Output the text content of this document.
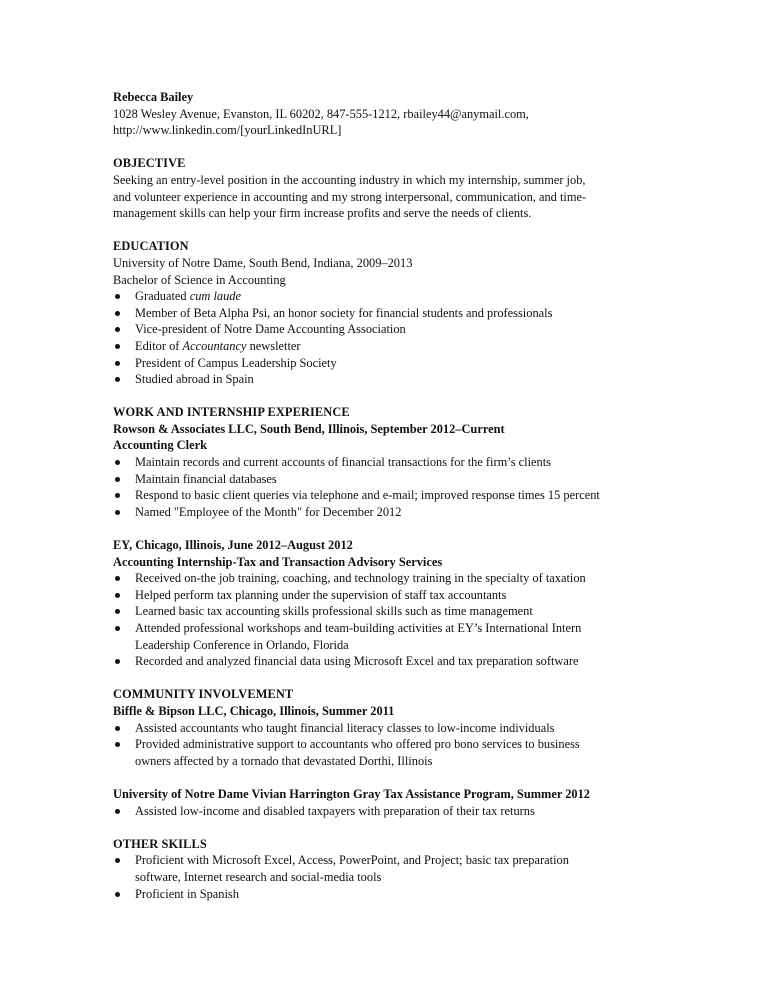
Rebecca Bailey
1028 Wesley Avenue, Evanston, IL 60202, 847-555-1212, rbailey44@anymail.com,
http://www.linkedin.com/[yourLinkedInURL]
OBJECTIVE
Seeking an entry-level position in the accounting industry in which my internship, summer job,
and volunteer experience in accounting and my strong interpersonal, communication, and time-
management skills can help your firm increase profits and serve the needs of clients.
EDUCATION
University of Notre Dame, South Bend, Indiana, 2009–2013
Bachelor of Science in Accounting
Graduated cum laude
Member of Beta Alpha Psi, an honor society for financial students and professionals
Vice-president of Notre Dame Accounting Association
Editor of Accountancy newsletter
President of Campus Leadership Society
Studied abroad in Spain
WORK AND INTERNSHIP EXPERIENCE
Rowson & Associates LLC, South Bend, Illinois, September 2012–Current
Accounting Clerk
Maintain records and current accounts of financial transactions for the firm’s clients
Maintain financial databases
Respond to basic client queries via telephone and e-mail; improved response times 15 percent
Named "Employee of the Month" for December 2012
EY, Chicago, Illinois, June 2012–August 2012
Accounting Internship-Tax and Transaction Advisory Services
Received on-the job training, coaching, and technology training in the specialty of taxation
Helped perform tax planning under the supervision of staff tax accountants
Learned basic tax accounting skills professional skills such as time management
Attended professional workshops and team-building activities at EY’s International Intern
Leadership Conference in Orlando, Florida
Recorded and analyzed financial data using Microsoft Excel and tax preparation software
COMMUNITY INVOLVEMENT
Biffle & Bipson LLC, Chicago, Illinois, Summer 2011
Assisted accountants who taught financial literacy classes to low-income individuals
Provided administrative support to accountants who offered pro bono services to business
owners affected by a tornado that devastated Dorthi, Illinois
University of Notre Dame Vivian Harrington Gray Tax Assistance Program, Summer 2012
Assisted low-income and disabled taxpayers with preparation of their tax returns
OTHER SKILLS
Proficient with Microsoft Excel, Access, PowerPoint, and Project; basic tax preparation
software, Internet research and social-media tools
Proficient in Spanish
